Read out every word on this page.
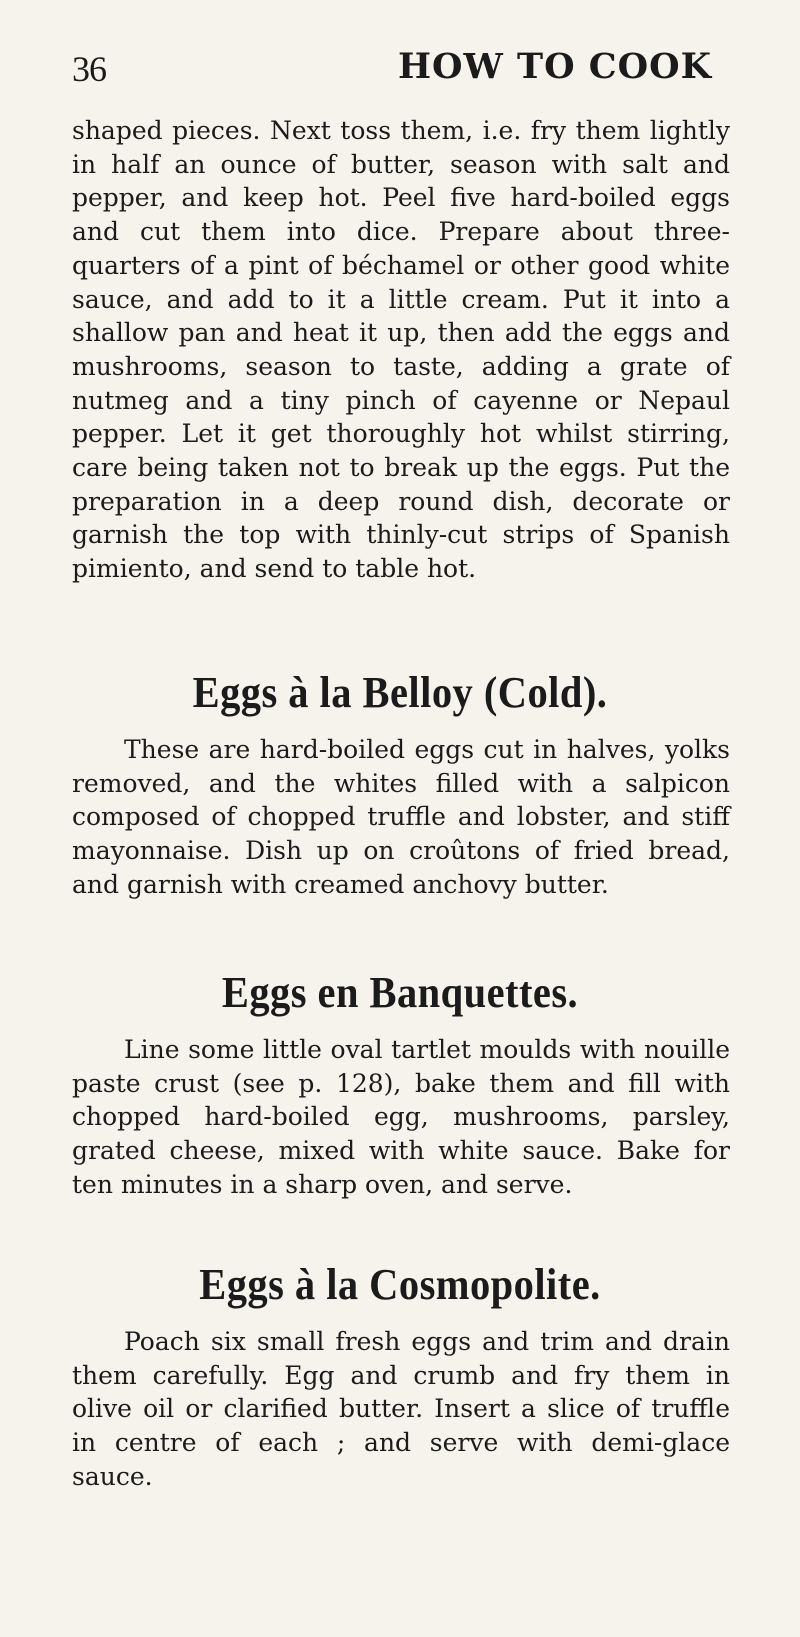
36	HOW TO COOK

shaped pieces. Next toss them, i.e. fry them lightly in half an ounce of butter, season with salt and pepper, and keep hot. Peel five hard-boiled eggs and cut them into dice. Prepare about three-quarters of a pint of béchamel or other good white sauce, and add to it a little cream. Put it into a shallow pan and heat it up, then add the eggs and mushrooms, season to taste, adding a grate of nutmeg and a tiny pinch of cayenne or Nepaul pepper. Let it get thoroughly hot whilst stirring, care being taken not to break up the eggs. Put the preparation in a deep round dish, decorate or garnish the top with thinly-cut strips of Spanish pimiento, and send to table hot.

Eggs à la Belloy (Cold).

These are hard-boiled eggs cut in halves, yolks removed, and the whites filled with a salpicon composed of chopped truffle and lobster, and stiff mayonnaise. Dish up on croûtons of fried bread, and garnish with creamed anchovy butter.

Eggs en Banquettes.

Line some little oval tartlet moulds with nouille paste crust (see p. 128), bake them and fill with chopped hard-boiled egg, mushrooms, parsley, grated cheese, mixed with white sauce. Bake for ten minutes in a sharp oven, and serve.

Eggs à la Cosmopolite.

Poach six small fresh eggs and trim and drain them carefully. Egg and crumb and fry them in olive oil or clarified butter. Insert a slice of truffle in centre of each ; and serve with demi-glace sauce.
